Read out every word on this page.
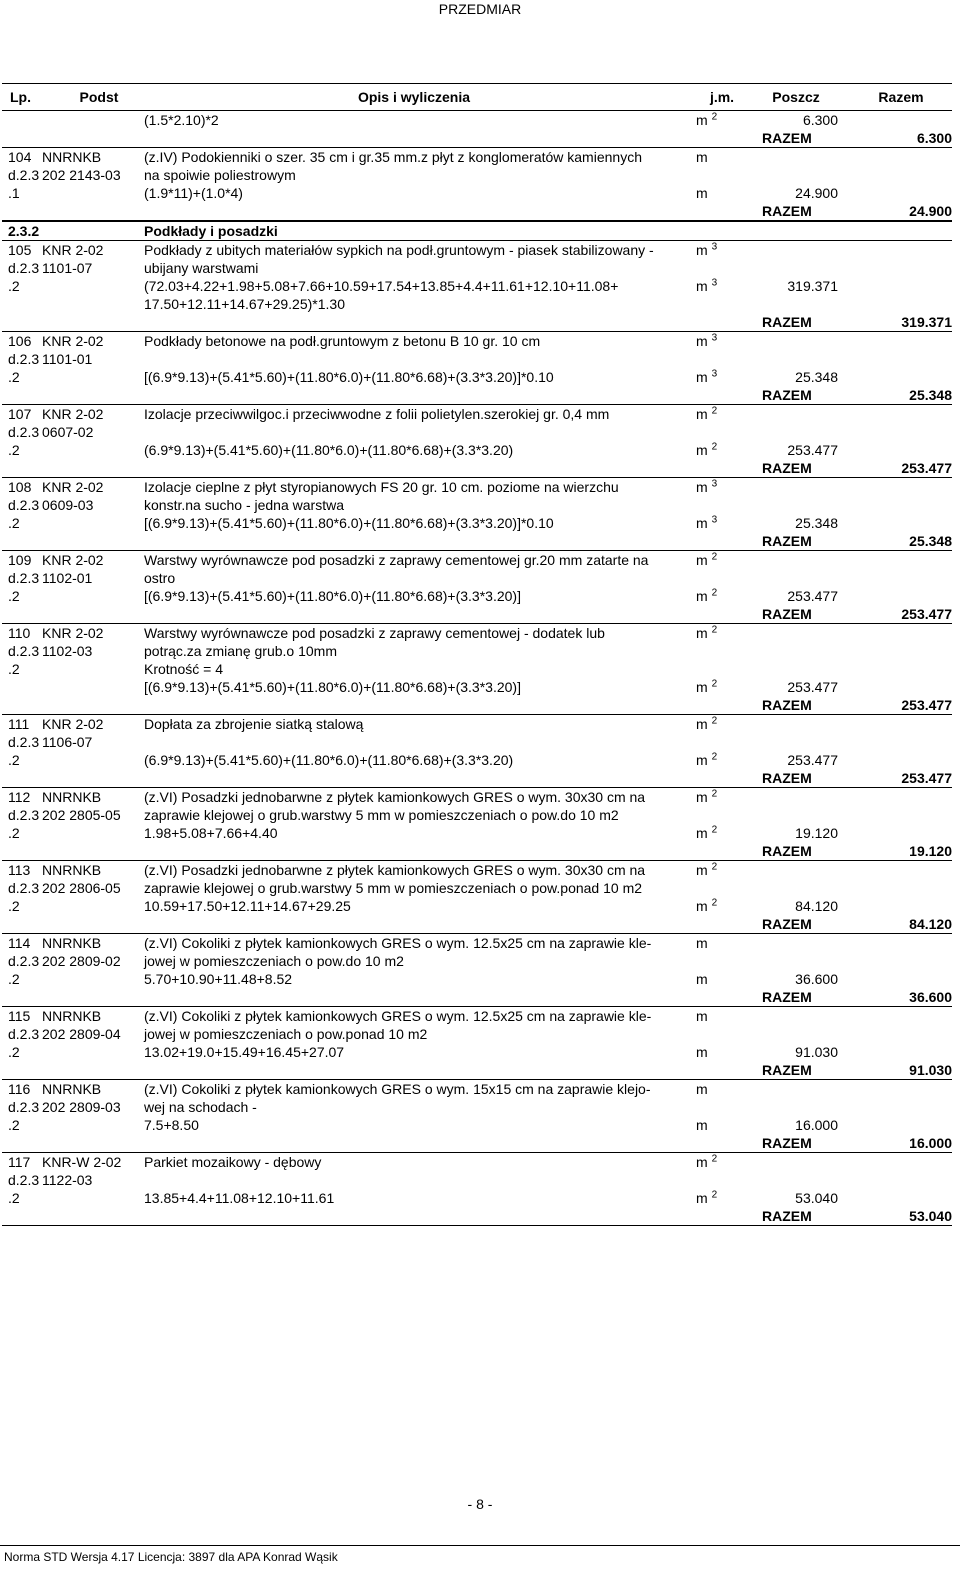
PRZEDMIAR
Lp.	Podst	Opis i wyliczenia	j.m.	Poszcz	Razem
(1.5*2.10)*2	m $^2$	6.300
RAZEM	6.300
104 NNRNKB	(z.IV) Podokienniki o szer. 35 cm i gr.35 mm.z płyt z konglomeratów kamiennych	m
d.2.3 202 2143-03	na spoiwie poliestrowym
.1	(1.9*11)+(1.0*4)	m	24.900
RAZEM	24.900
2.3.2	Podkłady i posadzki
105 KNR 2-02	Podkłady z ubitych materiałów sypkich na podł.gruntowym - piasek stabilizowany -	m $^3$
d.2.3 1101-07	ubijany warstwami
.2	(72.03+4.22+1.98+5.08+7.66+10.59+17.54+13.85+4.4+11.61+12.10+11.08+	m $^3$	319.371
17.50+12.11+14.67+29.25)*1.30
RAZEM	319.371
106 KNR 2-02	Podkłady betonowe na podł.gruntowym z betonu B 10 gr. 10 cm	m $^3$
d.2.3 1101-01
.2	[(6.9*9.13)+(5.41*5.60)+(11.80*6.0)+(11.80*6.68)+(3.3*3.20)]*0.10	m $^3$	25.348
RAZEM	25.348
107 KNR 2-02	Izolacje przeciwwilgoc.i przeciwwodne z folii polietylen.szerokiej gr. 0,4 mm	m $^2$
d.2.3 0607-02
.2	(6.9*9.13)+(5.41*5.60)+(11.80*6.0)+(11.80*6.68)+(3.3*3.20)	m $^2$	253.477
RAZEM	253.477
108 KNR 2-02	Izolacje cieplne z płyt styropianowych FS 20 gr. 10 cm. poziome na wierzchu	m $^3$
d.2.3 0609-03	konstr.na sucho - jedna warstwa
.2	[(6.9*9.13)+(5.41*5.60)+(11.80*6.0)+(11.80*6.68)+(3.3*3.20)]*0.10	m $^3$	25.348
RAZEM	25.348
109 KNR 2-02	Warstwy wyrównawcze pod posadzki z zaprawy cementowej gr.20 mm zatarte na	m $^2$
d.2.3 1102-01	ostro
.2	[(6.9*9.13)+(5.41*5.60)+(11.80*6.0)+(11.80*6.68)+(3.3*3.20)]	m $^2$	253.477
RAZEM	253.477
110 KNR 2-02	Warstwy wyrównawcze pod posadzki z zaprawy cementowej - dodatek lub	m $^2$
d.2.3 1102-03	potrąc.za zmianę grub.o 10mm
.2	Krotność = 4
[(6.9*9.13)+(5.41*5.60)+(11.80*6.0)+(11.80*6.68)+(3.3*3.20)]	m $^2$	253.477
RAZEM	253.477
111 KNR 2-02	Dopłata za zbrojenie siatką stalową	m $^2$
d.2.3 1106-07
.2	(6.9*9.13)+(5.41*5.60)+(11.80*6.0)+(11.80*6.68)+(3.3*3.20)	m $^2$	253.477
RAZEM	253.477
112 NNRNKB	(z.VI) Posadzki jednobarwne z płytek kamionkowych GRES o wym. 30x30 cm na	m $^2$
d.2.3 202 2805-05	zaprawie klejowej o grub.warstwy 5 mm w pomieszczeniach o pow.do 10 m2
.2	1.98+5.08+7.66+4.40	m $^2$	19.120
RAZEM	19.120
113 NNRNKB	(z.VI) Posadzki jednobarwne z płytek kamionkowych GRES o wym. 30x30 cm na	m $^2$
d.2.3 202 2806-05	zaprawie klejowej o grub.warstwy 5 mm w pomieszczeniach o pow.ponad 10 m2
.2	10.59+17.50+12.11+14.67+29.25	m $^2$	84.120
RAZEM	84.120
114 NNRNKB	(z.VI) Cokoliki z płytek kamionkowych GRES o wym. 12.5x25 cm na zaprawie kle-	m
d.2.3 202 2809-02	jowej w pomieszczeniach o pow.do 10 m2
.2	5.70+10.90+11.48+8.52	m	36.600
RAZEM	36.600
115 NNRNKB	(z.VI) Cokoliki z płytek kamionkowych GRES o wym. 12.5x25 cm na zaprawie kle-	m
d.2.3 202 2809-04	jowej w pomieszczeniach o pow.ponad 10 m2
.2	13.02+19.0+15.49+16.45+27.07	m	91.030
RAZEM	91.030
116 NNRNKB	(z.VI) Cokoliki z płytek kamionkowych GRES o wym. 15x15 cm na zaprawie klejo-	m
d.2.3 202 2809-03	wej na schodach -
.2	7.5+8.50	m	16.000
RAZEM	16.000
117 KNR-W 2-02	Parkiet mozaikowy - dębowy	m $^2$
d.2.3 1122-03
.2	13.85+4.4+11.08+12.10+11.61	m $^2$	53.040
RAZEM	53.040
- 8 -
Norma STD Wersja 4.17 Licencja: 3897 dla APA Konrad Wąsik
